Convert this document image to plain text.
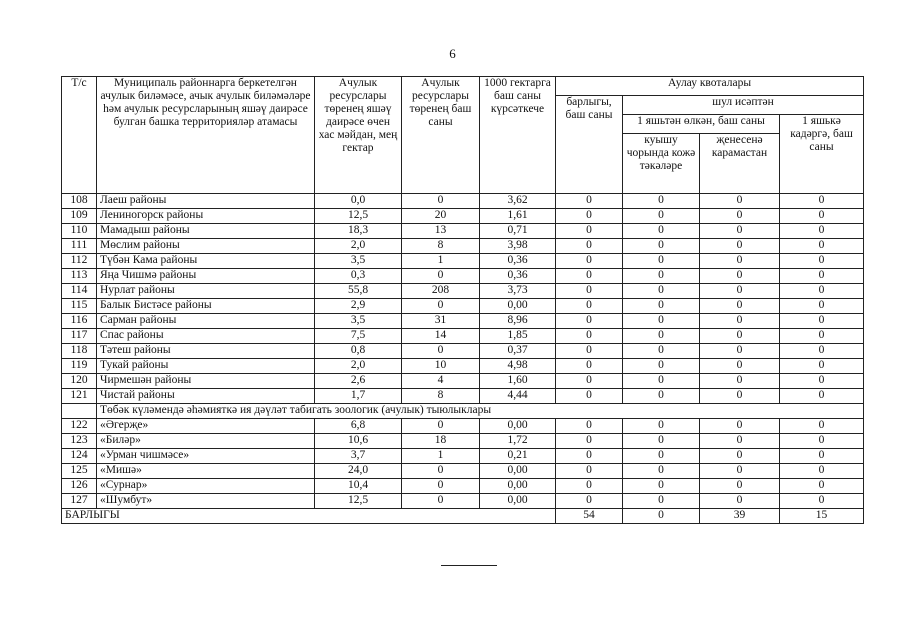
6
Т/с	Муниципаль районнарга беркетелгән ачулык биләмәсе, ачык ачулык биләмәләре һәм ачулык ресурсларының яшәү даирәсе булган башка территорияләр атамасы	Ачулык ресурслары төренең яшәү даирәсе өчен хас мәйдан, мең гектар	Ачулык ресурслары төренең баш саны	1000 гектарга баш саны күрсәткече	Аулау квоталары			
					барлыгы, баш саны	шул исәптән		
						1 яшьтән өлкән, баш саны		1 яшькә кадәргә, баш саны
						куышу чорында кожә тәкәләре	җенесенә карамастан	
108	Лаеш районы	0,0	0	3,62	0	0	0	0
109	Лениногорск районы	12,5	20	1,61	0	0	0	0
110	Мамадыш районы	18,3	13	0,71	0	0	0	0
111	Мөслим районы	2,0	8	3,98	0	0	0	0
112	Түбән Кама районы	3,5	1	0,36	0	0	0	0
113	Яңа Чишмә районы	0,3	0	0,36	0	0	0	0
114	Нурлат районы	55,8	208	3,73	0	0	0	0
115	Балык Бистәсе районы	2,9	0	0,00	0	0	0	0
116	Сарман районы	3,5	31	8,96	0	0	0	0
117	Спас районы	7,5	14	1,85	0	0	0	0
118	Тәтеш районы	0,8	0	0,37	0	0	0	0
119	Тукай районы	2,0	10	4,98	0	0	0	0
120	Чирмешән районы	2,6	4	1,60	0	0	0	0
121	Чистай районы	1,7	8	4,44	0	0	0	0
	Төбәк күләмендә әһәмияткә ия дәүләт табигать зоологик (ачулык) тыюлыклары							
122	«Әгерҗе»	6,8	0	0,00	0	0	0	0
123	«Биләр»	10,6	18	1,72	0	0	0	0
124	«Урман чишмәсе»	3,7	1	0,21	0	0	0	0
125	«Мишә»	24,0	0	0,00	0	0	0	0
126	«Сурнар»	10,4	0	0,00	0	0	0	0
127	«Шумбут»	12,5	0	0,00	0	0	0	0
БАРЛЫГЫ					54	0	39	15
